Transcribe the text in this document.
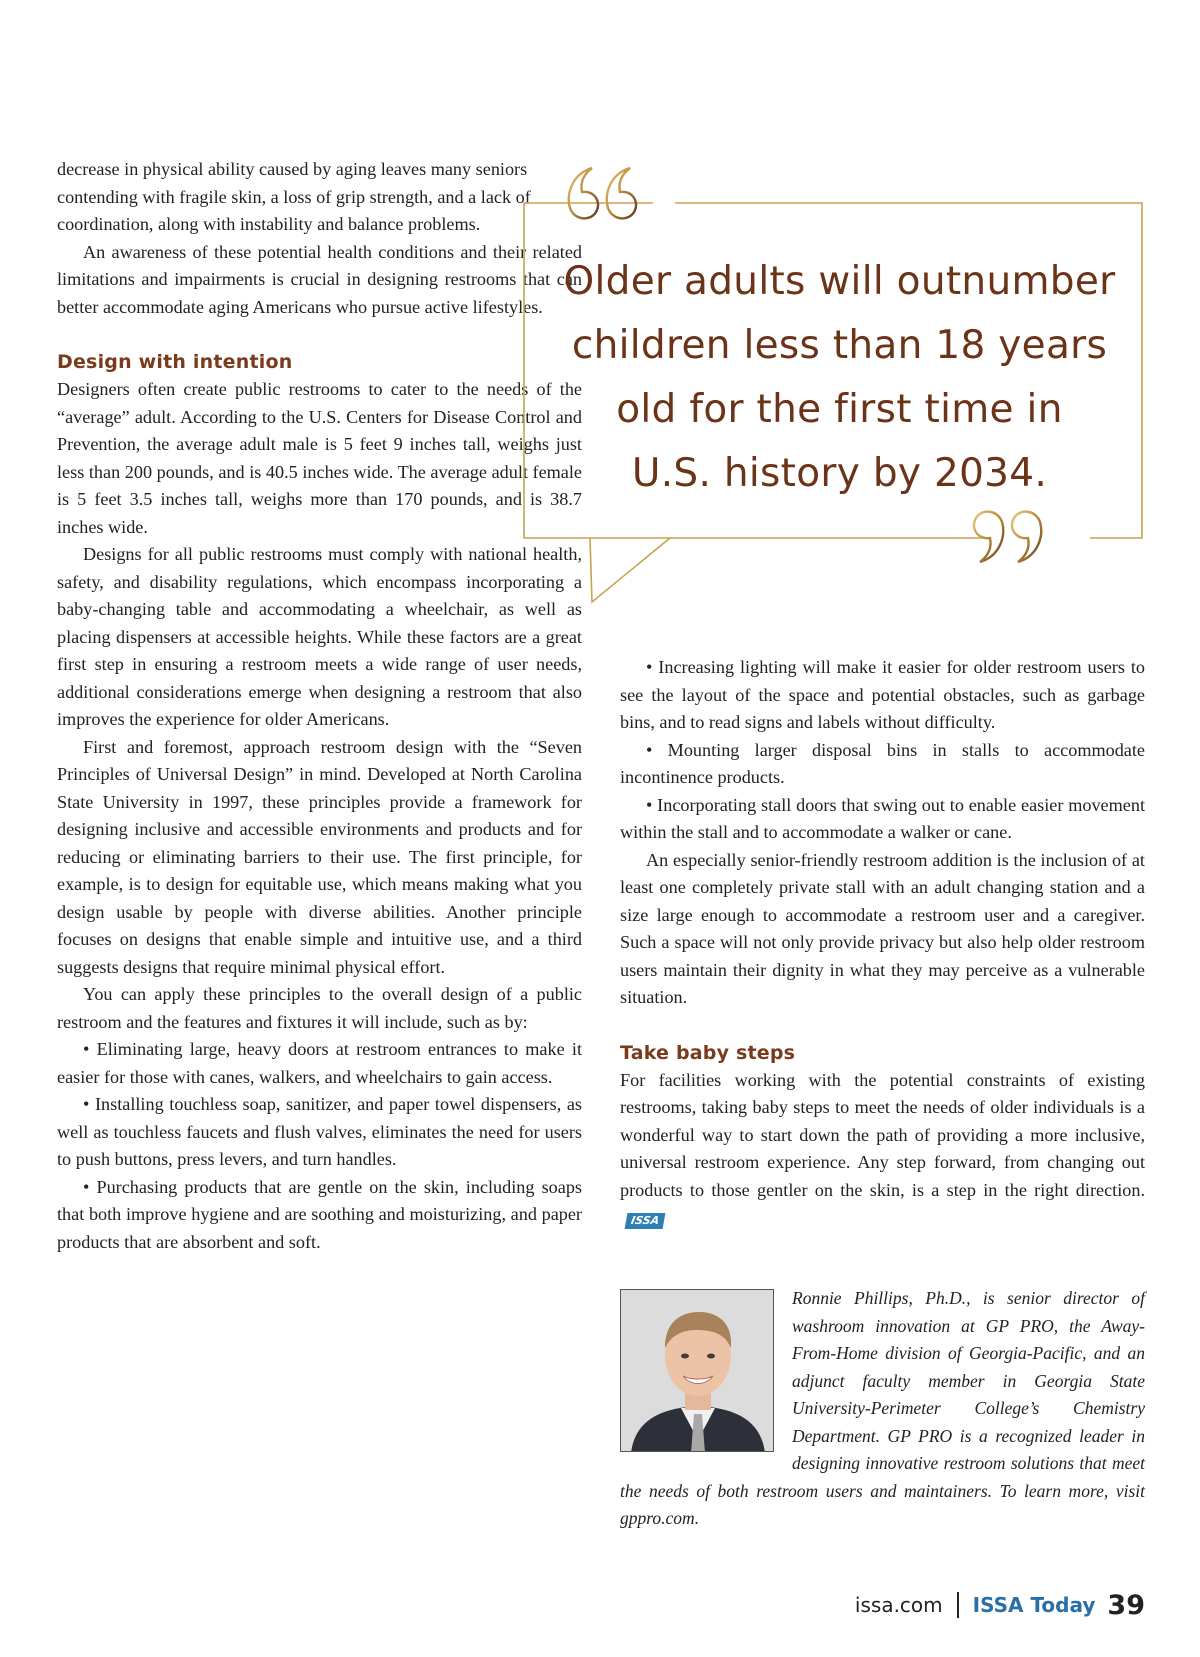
decrease in physical ability caused by aging leaves many seniors contending with fragile skin, a loss of grip strength, and a lack of coordination, along with instability and balance problems.

An awareness of these potential health conditions and their related limitations and impairments is crucial in designing restrooms that can better accommodate aging Americans who pursue active lifestyles.

Design with intention

Designers often create public restrooms to cater to the needs of the “average” adult. According to the U.S. Centers for Disease Control and Prevention, the average adult male is 5 feet 9 inches tall, weighs just less than 200 pounds, and is 40.5 inches wide. The average adult female is 5 feet 3.5 inches tall, weighs more than 170 pounds, and is 38.7 inches wide.

Designs for all public restrooms must comply with national health, safety, and disability regulations, which encompass incorporating a baby-changing table and accommodating a wheelchair, as well as placing dispensers at accessible heights. While these factors are a great first step in ensuring a restroom meets a wide range of user needs, additional considerations emerge when designing a restroom that also improves the experience for older Americans.

First and foremost, approach restroom design with the “Seven Principles of Universal Design” in mind. Developed at North Carolina State University in 1997, these principles provide a framework for designing inclusive and accessible environments and products and for reducing or eliminating barriers to their use. The first principle, for example, is to design for equitable use, which means making what you design usable by people with diverse abilities. Another principle focuses on designs that enable simple and intuitive use, and a third suggests designs that require minimal physical effort.

You can apply these principles to the overall design of a public restroom and the features and fixtures it will include, such as by:

• Eliminating large, heavy doors at restroom entrances to make it easier for those with canes, walkers, and wheelchairs to gain access.

• Installing touchless soap, sanitizer, and paper towel dispensers, as well as touchless faucets and flush valves, eliminates the need for users to push buttons, press levers, and turn handles.

• Purchasing products that are gentle on the skin, including soaps that both improve hygiene and are soothing and moisturizing, and paper products that are absorbent and soft.

Older adults will outnumber
children less than 18 years
old for the first time in
U.S. history by 2034.

• Increasing lighting will make it easier for older restroom users to see the layout of the space and potential obstacles, such as garbage bins, and to read signs and labels without difficulty.

• Mounting larger disposal bins in stalls to accommodate incontinence products.

• Incorporating stall doors that swing out to enable easier movement within the stall and to accommodate a walker or cane.

An especially senior-friendly restroom addition is the inclusion of at least one completely private stall with an adult changing station and a size large enough to accommodate a restroom user and a caregiver. Such a space will not only provide privacy but also help older restroom users maintain their dignity in what they may perceive as a vulnerable situation.

Take baby steps

For facilities working with the potential constraints of existing restrooms, taking baby steps to meet the needs of older individuals is a wonderful way to start down the path of providing a more inclusive, universal restroom experience. Any step forward, from changing out products to those gentler on the skin, is a step in the right direction.ISSA

Ronnie Phillips, Ph.D., is senior director of washroom innovation at GP PRO, the Away-From-Home division of Georgia-Pacific, and an adjunct faculty member in Georgia State University-Perimeter College’s Chemistry Department. GP PRO is a recognized leader in designing innovative restroom solutions that meet the needs of both restroom users and maintainers. To learn more, visit gppro.com.
issa.com ISSA Today 39
